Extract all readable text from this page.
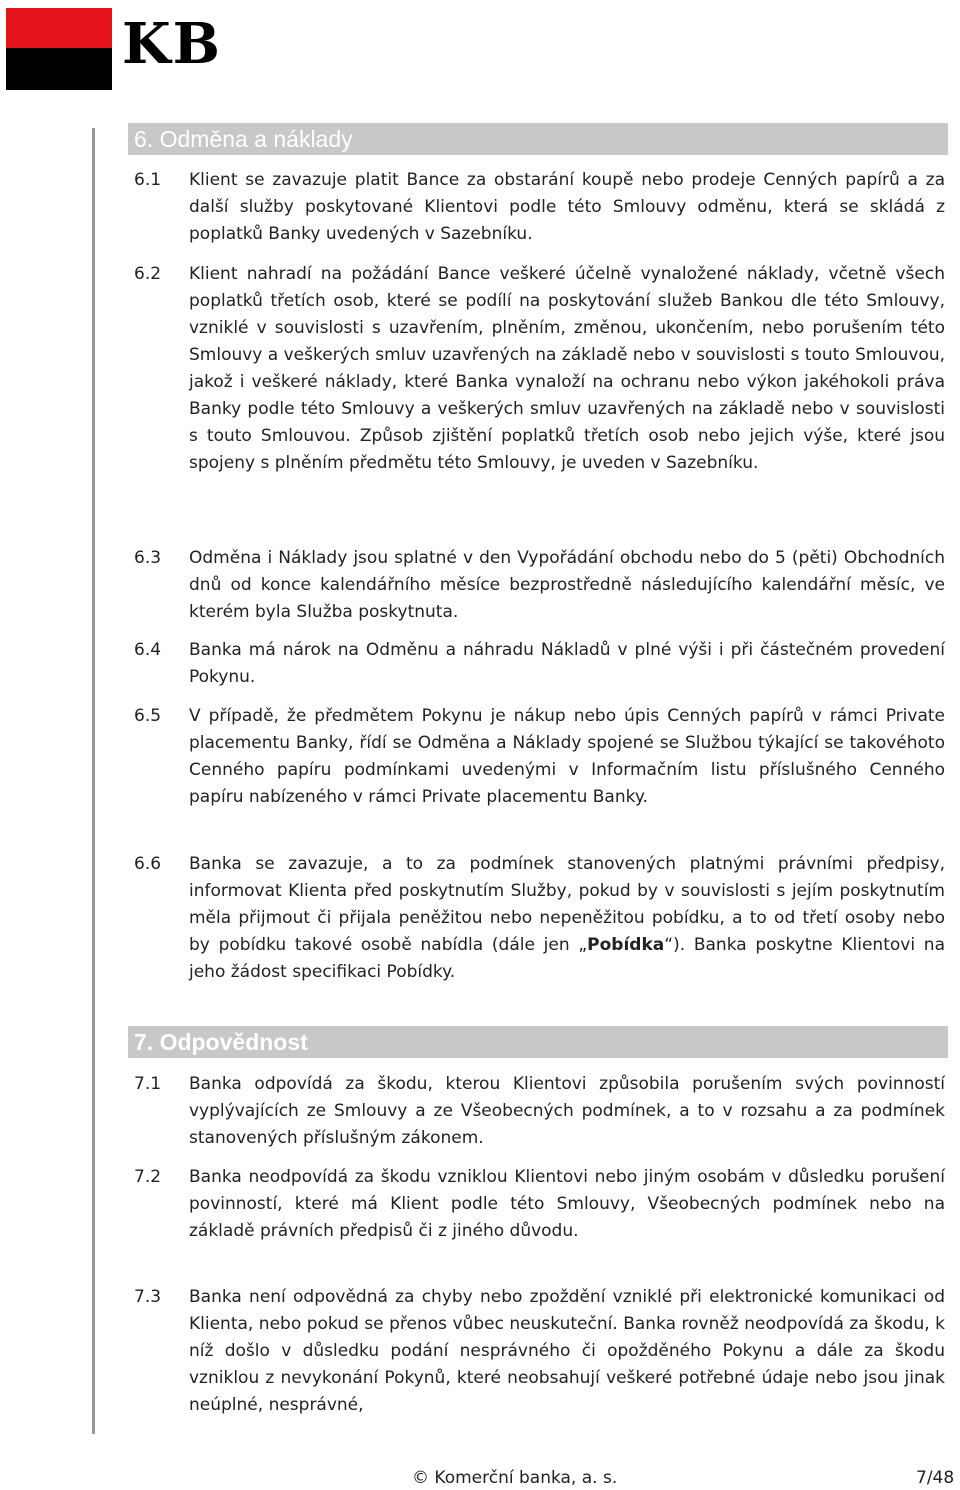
KB
6. Odměna a náklady
6.1 Klient se zavazuje platit Bance za obstarání koupě nebo prodeje Cenných papírů a za další služby poskytované Klientovi podle této Smlouvy odměnu, která se skládá z poplatků Banky uvedených v Sazebníku.
6.2 Klient nahradí na požádání Bance veškeré účelně vynaložené náklady, včetně všech poplatků třetích osob, které se podílí na poskytování služeb Bankou dle této Smlouvy, vzniklé v souvislosti s uzavřením, plněním, změnou, ukončením, nebo porušením této Smlouvy a veškerých smluv uzavřených na základě nebo v souvislosti s touto Smlouvou, jakož i veškeré náklady, které Banka vynaloží na ochranu nebo výkon jakéhokoli práva Banky podle této Smlouvy a veškerých smluv uzavřených na základě nebo v souvislosti s touto Smlouvou. Způsob zjištění poplatků třetích osob nebo jejich výše, které jsou spojeny s plněním předmětu této Smlouvy, je uveden v Sazebníku.
6.3 Odměna i Náklady jsou splatné v den Vypořádání obchodu nebo do 5 (pěti) Obchodních dnů od konce kalendářního měsíce bezprostředně následujícího kalendářní měsíc, ve kterém byla Služba poskytnuta.
6.4 Banka má nárok na Odměnu a náhradu Nákladů v plné výši i při částečném provedení Pokynu.
6.5 V případě, že předmětem Pokynu je nákup nebo úpis Cenných papírů v rámci Private placementu Banky, řídí se Odměna a Náklady spojené se Službou týkající se takovéhoto Cenného papíru podmínkami uvedenými v Informačním listu příslušného Cenného papíru nabízeného v rámci Private placementu Banky.
6.6 Banka se zavazuje, a to za podmínek stanovených platnými právními předpisy, informovat Klienta před poskytnutím Služby, pokud by v souvislosti s jejím poskytnutím měla přijmout či přijala peněžitou nebo nepeněžitou pobídku, a to od třetí osoby nebo by pobídku takové osobě nabídla (dále jen „Pobídka“). Banka poskytne Klientovi na jeho žádost specifikaci Pobídky.
7. Odpovědnost
7.1 Banka odpovídá za škodu, kterou Klientovi způsobila porušením svých povinností vyplývajících ze Smlouvy a ze Všeobecných podmínek, a to v rozsahu a za podmínek stanovených příslušným zákonem.
7.2 Banka neodpovídá za škodu vzniklou Klientovi nebo jiným osobám v důsledku porušení povinností, které má Klient podle této Smlouvy, Všeobecných podmínek nebo na základě právních předpisů či z jiného důvodu.
7.3 Banka není odpovědná za chyby nebo zpoždění vzniklé při elektronické komunikaci od Klienta, nebo pokud se přenos vůbec neuskuteční. Banka rovněž neodpovídá za škodu, k níž došlo v důsledku podání nesprávného či opožděného Pokynu a dále za škodu vzniklou z nevykonání Pokynů, které neobsahují veškeré potřebné údaje nebo jsou jinak neúplné, nesprávné,
© Komerční banka, a. s.	7/48
